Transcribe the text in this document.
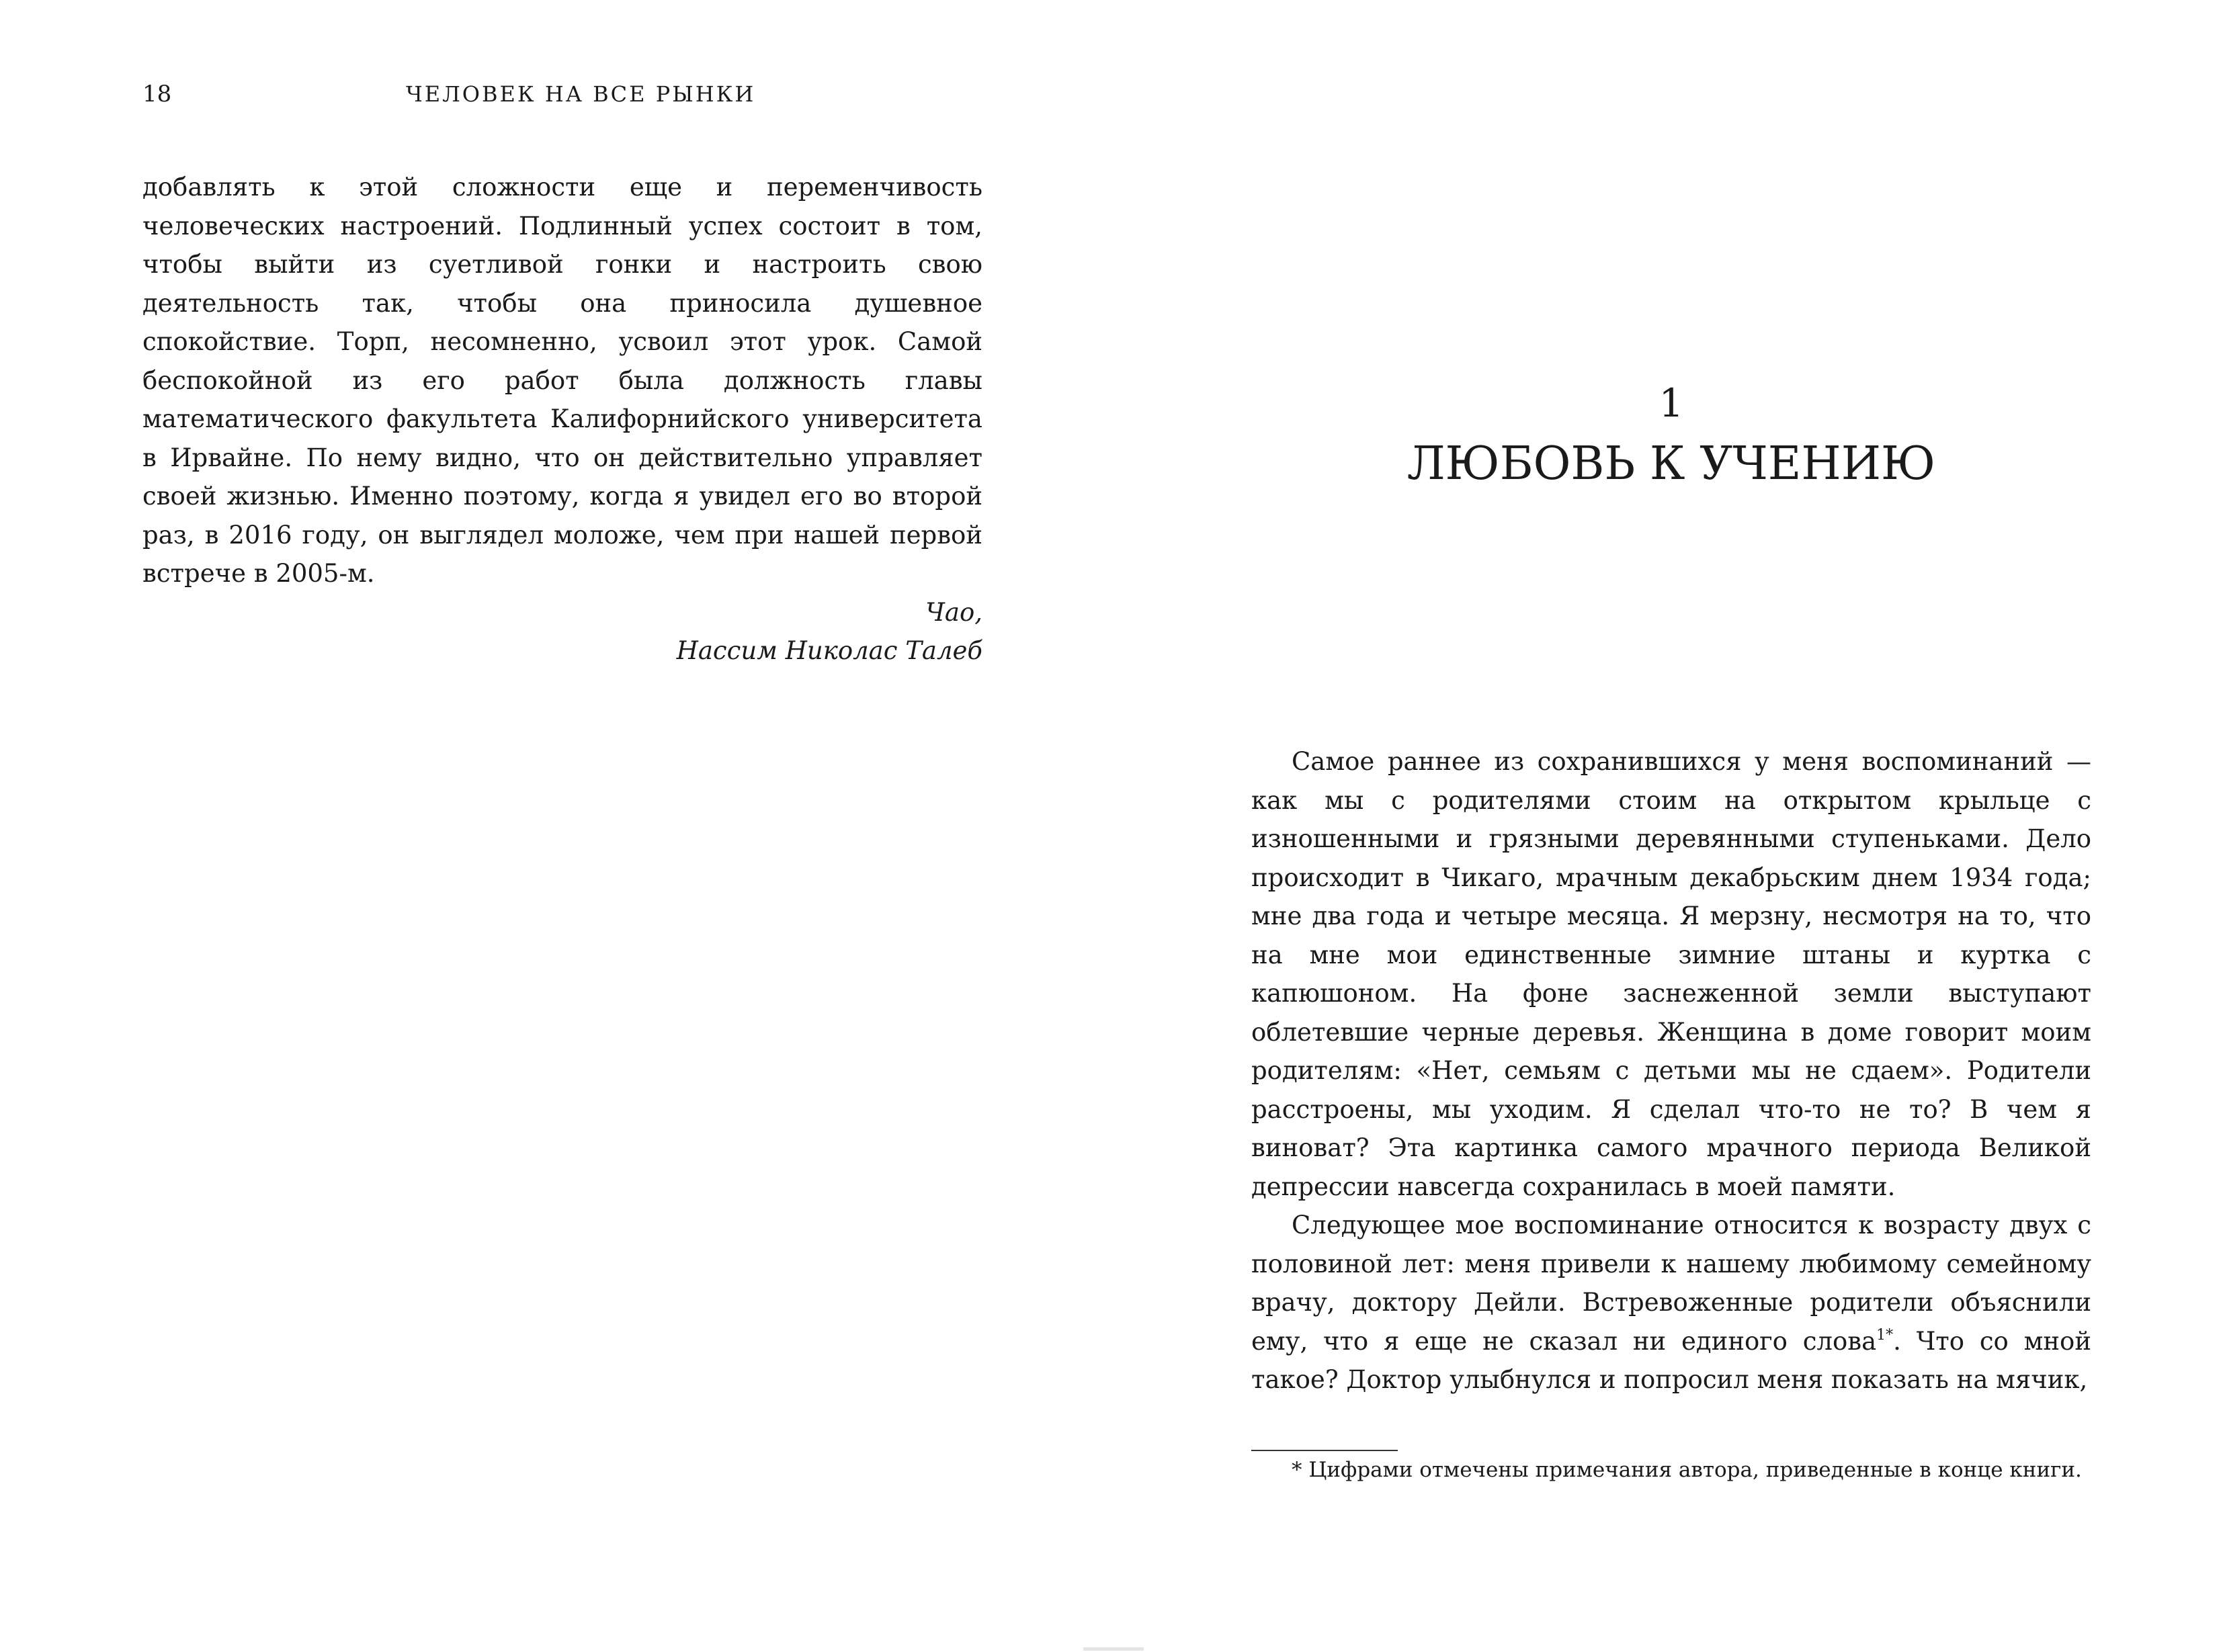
18	ЧЕЛОВЕК НА ВСЕ РЫНКИ

добавлять к этой сложности еще и переменчивость человеческих настроений. Подлинный успех состоит в том, чтобы выйти из суетливой гонки и настроить свою деятельность так, чтобы она приносила душевное спокойствие. Торп, несомненно, усвоил этот урок. Самой беспокойной из его работ была должность главы математического факультета Калифорнийского университета в Ирвайне. По нему видно, что он действительно управляет своей жизнью. Именно поэтому, когда я увидел его во второй раз, в 2016 году, он выглядел моложе, чем при нашей первой встрече в 2005-м.

Чао,
Нассим Николас Талеб
1
ЛЮБОВЬ К УЧЕНИЮ

Самое раннее из сохранившихся у меня воспоминаний — как мы с родителями стоим на открытом крыльце с изношенными и грязными деревянными ступеньками. Дело происходит в Чикаго, мрачным декабрьским днем 1934 года; мне два года и четыре месяца. Я мерзну, несмотря на то, что на мне мои единственные зимние штаны и куртка с капюшоном. На фоне заснеженной земли выступают облетевшие черные деревья. Женщина в доме говорит моим родителям: «Нет, семьям с детьми мы не сдаем». Родители расстроены, мы уходим. Я сделал что-то не то? В чем я виноват? Эта картинка самого мрачного периода Великой депрессии навсегда сохранилась в моей памяти.

Следующее мое воспоминание относится к возрасту двух с половиной лет: меня привели к нашему любимому семейному врачу, доктору Дейли. Встревоженные родители объяснили ему, что я еще не сказал ни единого слова$^{1*}$. Что со мной такое? Доктор улыбнулся и попросил меня показать на мячик,

* Цифрами отмечены примечания автора, приведенные в конце книги.
